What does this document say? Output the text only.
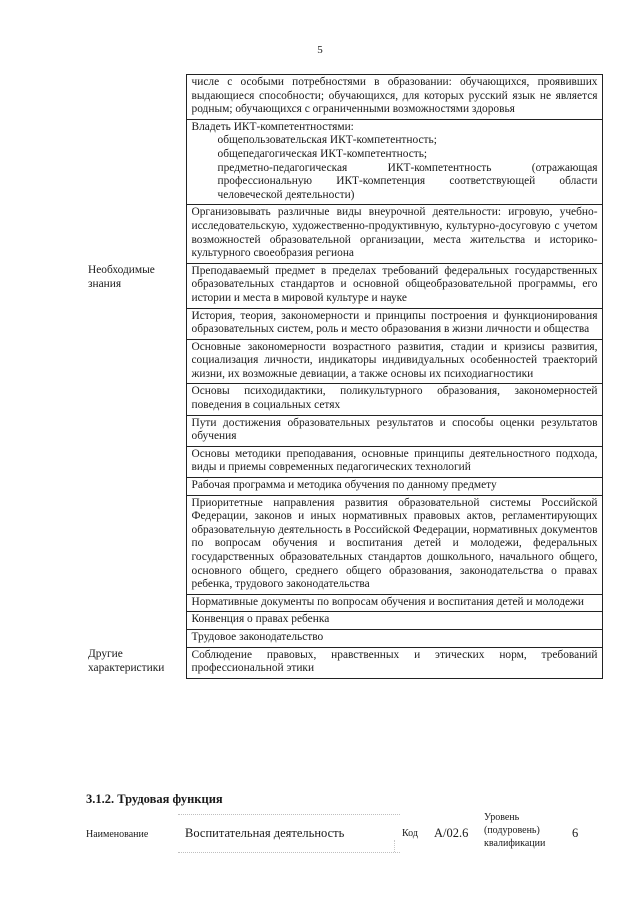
5
	числе с особыми потребностями в образовании: обучающихся, проявивших выдающиеся способности; обучающихся, для которых русский язык не является родным; обучающихся с ограниченными возможностями здоровья

	Владеть ИКТ-компетентностями:
общепользовательская ИКТ-компетентность;
общепедагогическая ИКТ-компетентность;
предметно-педагогическая ИКТ-компетентность (отражающая профессиональную ИКТ-компетенция соответствующей области человеческой деятельности)

	Организовывать различные виды внеурочной деятельности: игровую, учебно-исследовательскую, художественно-продуктивную, культурно-досуговую с учетом возможностей образовательной организации, места жительства и историко-культурного своеобразия региона
Необходимые знания	Преподаваемый предмет в пределах требований федеральных государственных образовательных стандартов и основной общеобразовательной программы, его истории и места в мировой культуре и науке
	История, теория, закономерности и принципы построения и функционирования образовательных систем, роль и место образования в жизни личности и общества
	Основные закономерности возрастного развития, стадии и кризисы развития, социализация личности, индикаторы индивидуальных особенностей траекторий жизни, их возможные девиации, а также основы их психодиагностики
	Основы психодидактики, поликультурного образования, закономерностей поведения в социальных сетях
	Пути достижения образовательных результатов и способы оценки результатов обучения
	Основы методики преподавания, основные принципы деятельностного подхода, виды и приемы современных педагогических технологий
	Рабочая программа и методика обучения по данному предмету
	Приоритетные направления развития образовательной системы Российской Федерации, законов и иных нормативных правовых актов, регламентирующих образовательную деятельность в Российской Федерации, нормативных документов по вопросам обучения и воспитания детей и молодежи, федеральных государственных образовательных стандартов дошкольного, начального общего, основного общего, среднего общего образования, законодательства о правах ребенка, трудового законодательства
	Нормативные документы по вопросам обучения и воспитания детей и молодежи
	Конвенция о правах ребенка
	Трудовое законодательство
Другие характеристики	Соблюдение правовых, нравственных и этических норм, требований профессиональной этики
3.1.2. Трудовая функция
Наименование	Воспитательная деятельность	Код А/02.6
Уровень
(подуровень)
квалификации
6
